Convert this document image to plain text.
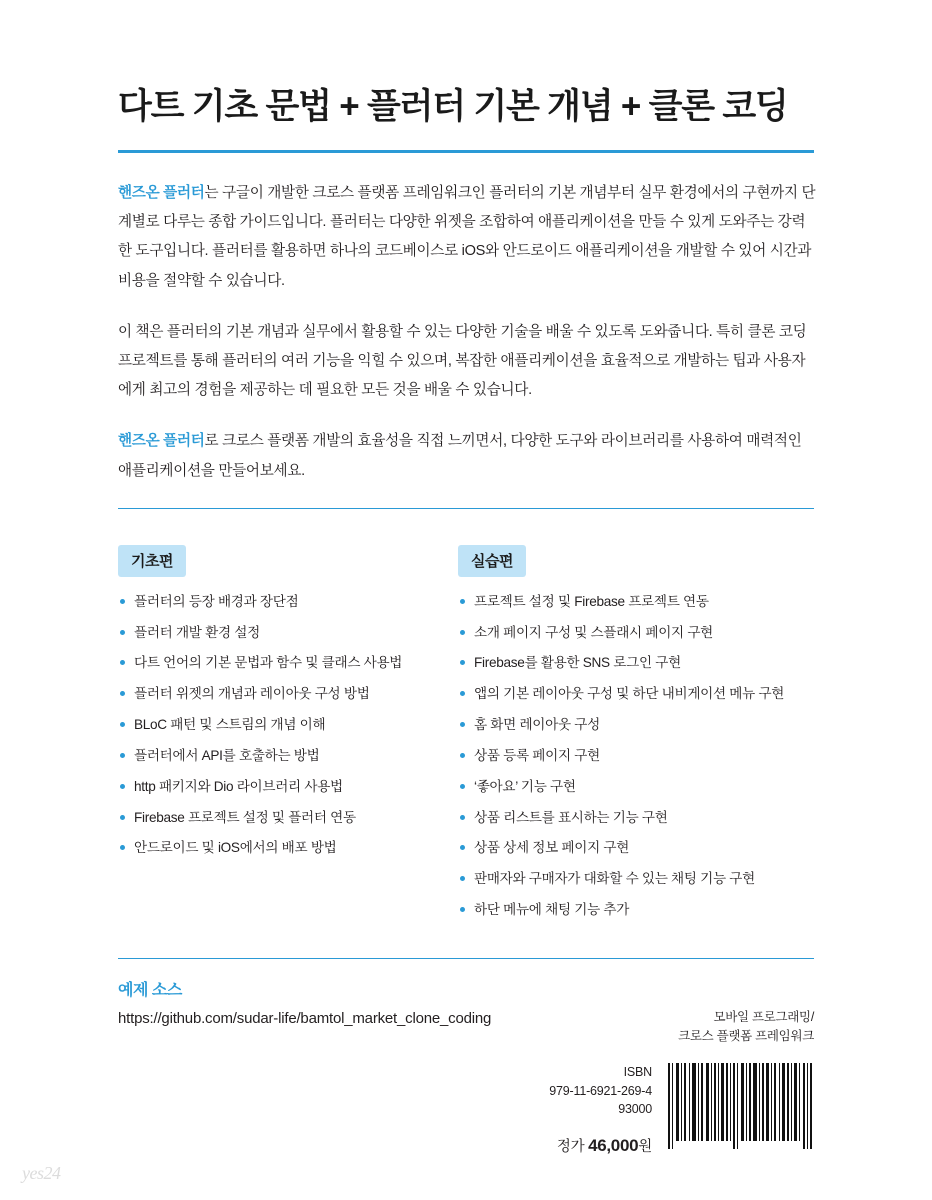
다트 기초 문법 + 플러터 기본 개념 + 클론 코딩

핸즈온 플러터는 구글이 개발한 크로스 플랫폼 프레임워크인 플러터의 기본 개념부터 실무 환경에서의 구현까지 단계별로 다루는 종합 가이드입니다. 플러터는 다양한 위젯을 조합하여 애플리케이션을 만들 수 있게 도와주는 강력한 도구입니다. 플러터를 활용하면 하나의 코드베이스로 iOS와 안드로이드 애플리케이션을 개발할 수 있어 시간과 비용을 절약할 수 있습니다.

이 책은 플러터의 기본 개념과 실무에서 활용할 수 있는 다양한 기술을 배울 수 있도록 도와줍니다. 특히 클론 코딩 프로젝트를 통해 플러터의 여러 기능을 익힐 수 있으며, 복잡한 애플리케이션을 효율적으로 개발하는 팁과 사용자에게 최고의 경험을 제공하는 데 필요한 모든 것을 배울 수 있습니다.

핸즈온 플러터로 크로스 플랫폼 개발의 효율성을 직접 느끼면서, 다양한 도구와 라이브러리를 사용하여 매력적인 애플리케이션을 만들어보세요.

기초편
플러터의 등장 배경과 장단점
플러터 개발 환경 설정
다트 언어의 기본 문법과 함수 및 클래스 사용법
플러터 위젯의 개념과 레이아웃 구성 방법
BLoC 패턴 및 스트림의 개념 이해
플러터에서 API를 호출하는 방법
http 패키지와 Dio 라이브러리 사용법
Firebase 프로젝트 설정 및 플러터 연동
안드로이드 및 iOS에서의 배포 방법
실습편
프로젝트 설정 및 Firebase 프로젝트 연동
소개 페이지 구성 및 스플래시 페이지 구현
Firebase를 활용한 SNS 로그인 구현
앱의 기본 레이아웃 구성 및 하단 내비게이션 메뉴 구현
홈 화면 레이아웃 구성
상품 등록 페이지 구현
‘좋아요’ 기능 구현
상품 리스트를 표시하는 기능 구현
상품 상세 정보 페이지 구현
판매자와 구매자가 대화할 수 있는 채팅 기능 구현
하단 메뉴에 채팅 기능 추가
예제 소스
https://github.com/sudar-life/bamtol_market_clone_coding	모바일 프로그래밍/
크로스 플랫폼 프레임워크
ISBN
979-11-6921-269-4
93000
정가 46,000원
yes24
